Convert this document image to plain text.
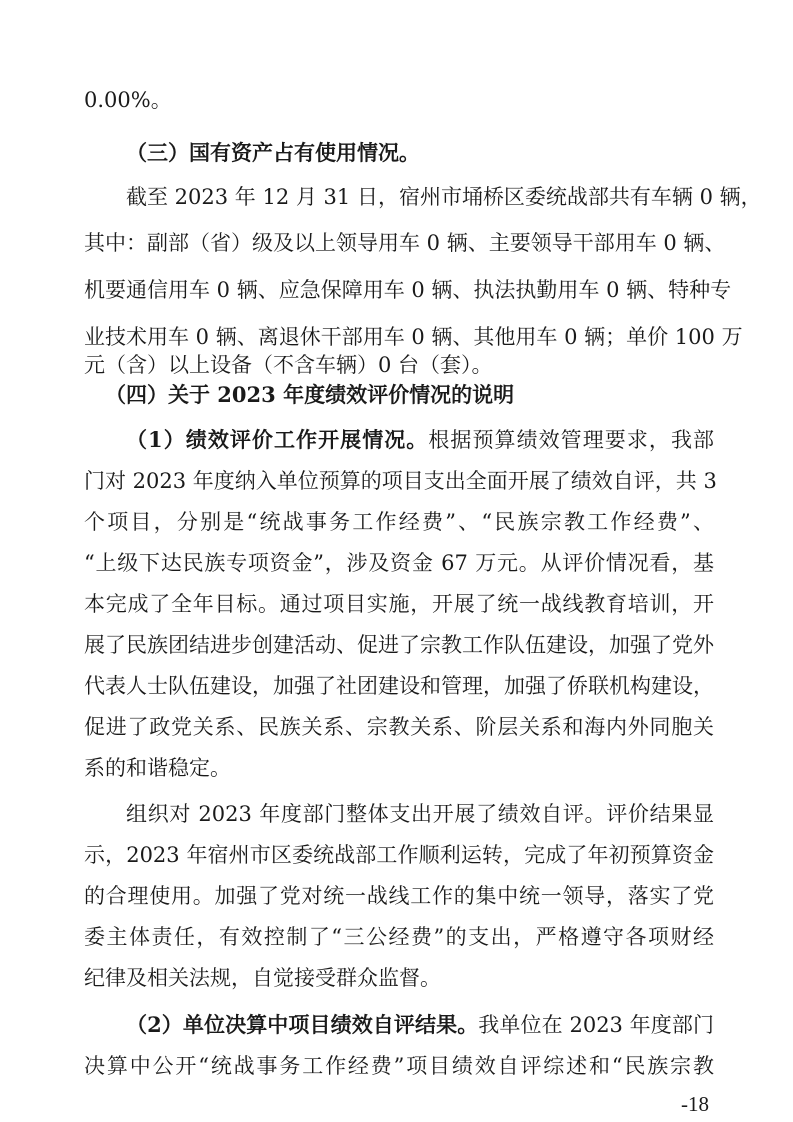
0.00%。
（三）国有资产占有使用情况。
截至 2023 年 12 月 31 日，宿州市埇桥区委统战部共有车辆 0 辆，
其中：副部（省）级及以上领导用车 0 辆、主要领导干部用车 0 辆、
机要通信用车 0 辆、应急保障用车 0 辆、执法执勤用车 0 辆、特种专
业技术用车 0 辆、离退休干部用车 0 辆、其他用车 0 辆；单价 100 万
元（含）以上设备（不含车辆）0 台（套）。
（四）关于 2023 年度绩效评价情况的说明
（1）绩效评价工作开展情况。根据预算绩效管理要求，我部
门对 2023 年度纳入单位预算的项目支出全面开展了绩效自评，共 3
个项目，分别是“统战事务工作经费”、“民族宗教工作经费”、
“上级下达民族专项资金”，涉及资金 67 万元。从评价情况看，基
本完成了全年目标。通过项目实施，开展了统一战线教育培训，开
展了民族团结进步创建活动、促进了宗教工作队伍建设，加强了党外
代表人士队伍建设，加强了社团建设和管理，加强了侨联机构建设，
促进了政党关系、民族关系、宗教关系、阶层关系和海内外同胞关
系的和谐稳定。
组织对 2023 年度部门整体支出开展了绩效自评。评价结果显
示，2023 年宿州市区委统战部工作顺利运转，完成了年初预算资金
的合理使用。加强了党对统一战线工作的集中统一领导，落实了党
委主体责任，有效控制了“三公经费”的支出，严格遵守各项财经
纪律及相关法规，自觉接受群众监督。
（2）单位决算中项目绩效自评结果。我单位在 2023 年度部门
决算中公开“统战事务工作经费”项目绩效自评综述和“民族宗教
-18
